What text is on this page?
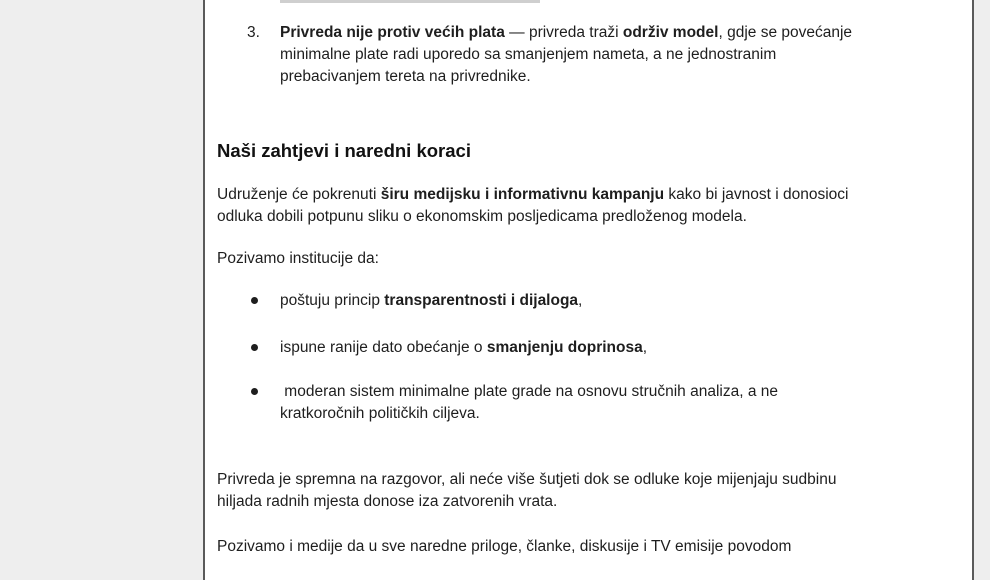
3. Privreda nije protiv većih plata — privreda traži održiv model, gdje se povećanje
minimalne plate radi uporedo sa smanjenjem nameta, a ne jednostranim
prebacivanjem tereta na privrednike.
Naši zahtjevi i naredni koraci
Udruženje će pokrenuti širu medijsku i informativnu kampanju kako bi javnost i donosioci
odluka dobili potpunu sliku o ekonomskim posljedicama predloženog modela.
Pozivamo institucije da:
poštuju princip transparentnosti i dijaloga,
ispune ranije dato obećanje o smanjenju doprinosa,
moderan sistem minimalne plate grade na osnovu stručnih analiza, a ne
kratkoročnih političkih ciljeva.
Privreda je spremna na razgovor, ali neće više šutjeti dok se odluke koje mijenjaju sudbinu
hiljada radnih mjesta donose iza zatvorenih vrata.
Pozivamo i medije da u sve naredne priloge, članke, diskusije i TV emisije povodom
